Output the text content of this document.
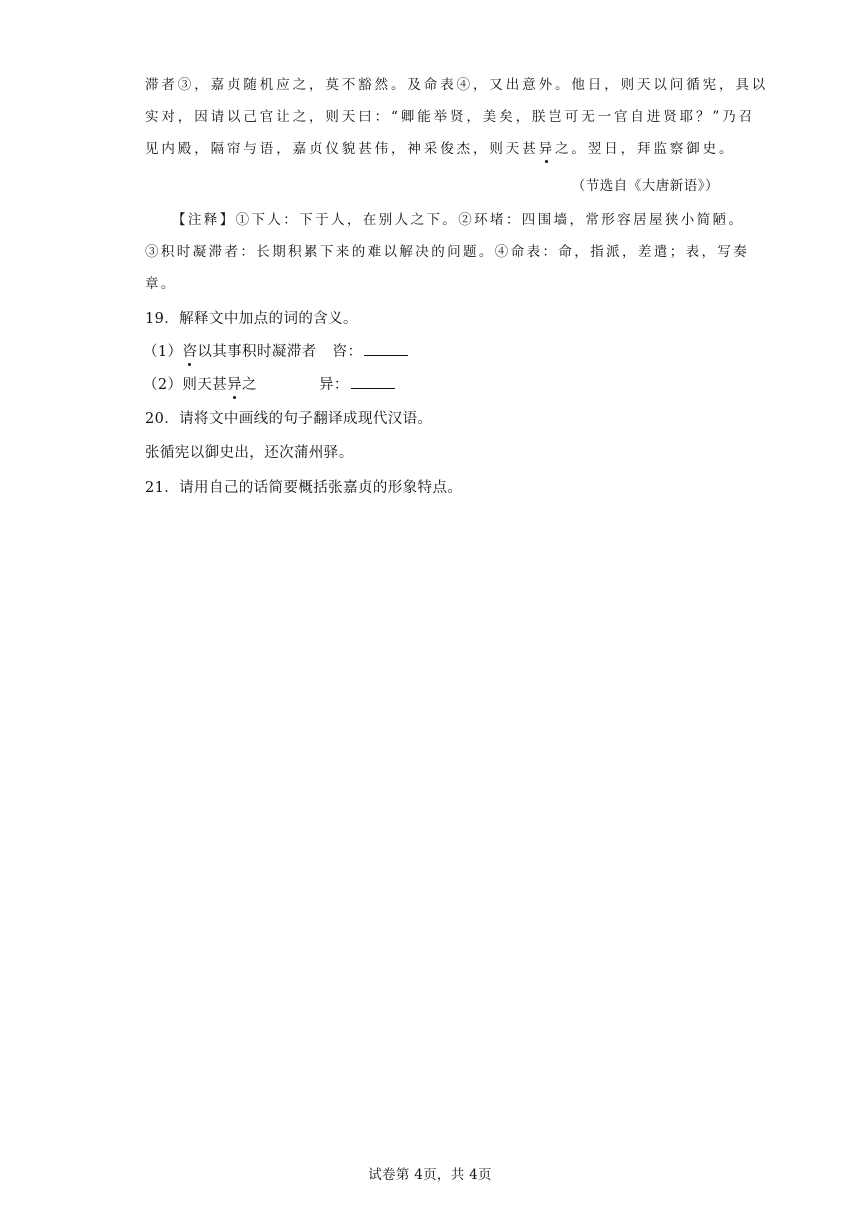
滞者③，嘉贞随机应之，莫不豁然。及命表④，又出意外。他日，则天以问循宪，具以
实对，因请以己官让之，则天曰：“卿能举贤，美矣，朕岂可无一官自进贤耶？”乃召
见内殿，隔帘与语，嘉贞仪貌甚伟，神采俊杰，则天甚异之。翌日，拜监察御史。
（节选自《大唐新语》）
【注释】①下人：下于人，在别人之下。②环堵：四围墙，常形容居屋狭小简陋。
③积时凝滞者：长期积累下来的难以解决的问题。④命表：命，指派，差遣；表，写奏
章。
19．解释文中加点的词的含义。
（1）咨以其事积时凝滞者 咨：
（2）则天甚异之	异：
20．请将文中画线的句子翻译成现代汉语。
张循宪以御史出，还次蒲州驿。
21．请用自己的话简要概括张嘉贞的形象特点。
试卷第 4页，共 4页
